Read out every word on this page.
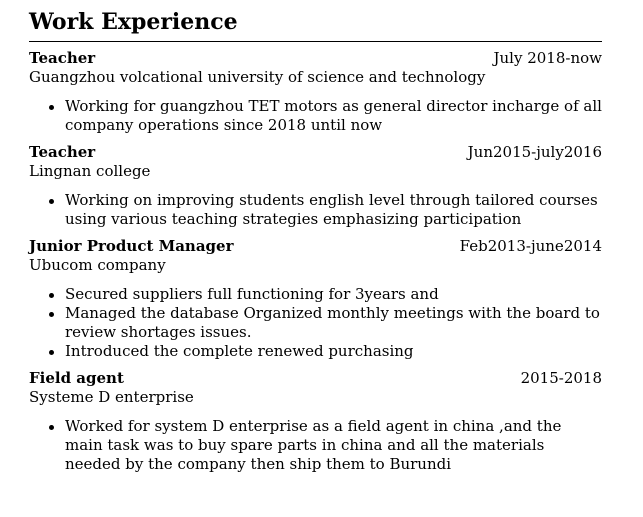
Work Experience
Teacher	July 2018-now
Guangzhou volcational university of science and technology
Working for guangzhou TET motors as general director incharge of all company operations since 2018 until now
Teacher	Jun2015-july2016
Lingnan college
Working on improving students english level through tailored courses using various teaching strategies emphasizing participation
Junior Product Manager	Feb2013-june2014
Ubucom company
Secured suppliers full functioning for 3years and
Managed the database Organized monthly meetings with the board to review shortages issues.
Introduced the complete renewed purchasing
Field agent	2015-2018
Systeme D enterprise
Worked for system D enterprise as a field agent in china ,and the main task was to buy spare parts in china and all the materials needed by the company then ship them to Burundi
